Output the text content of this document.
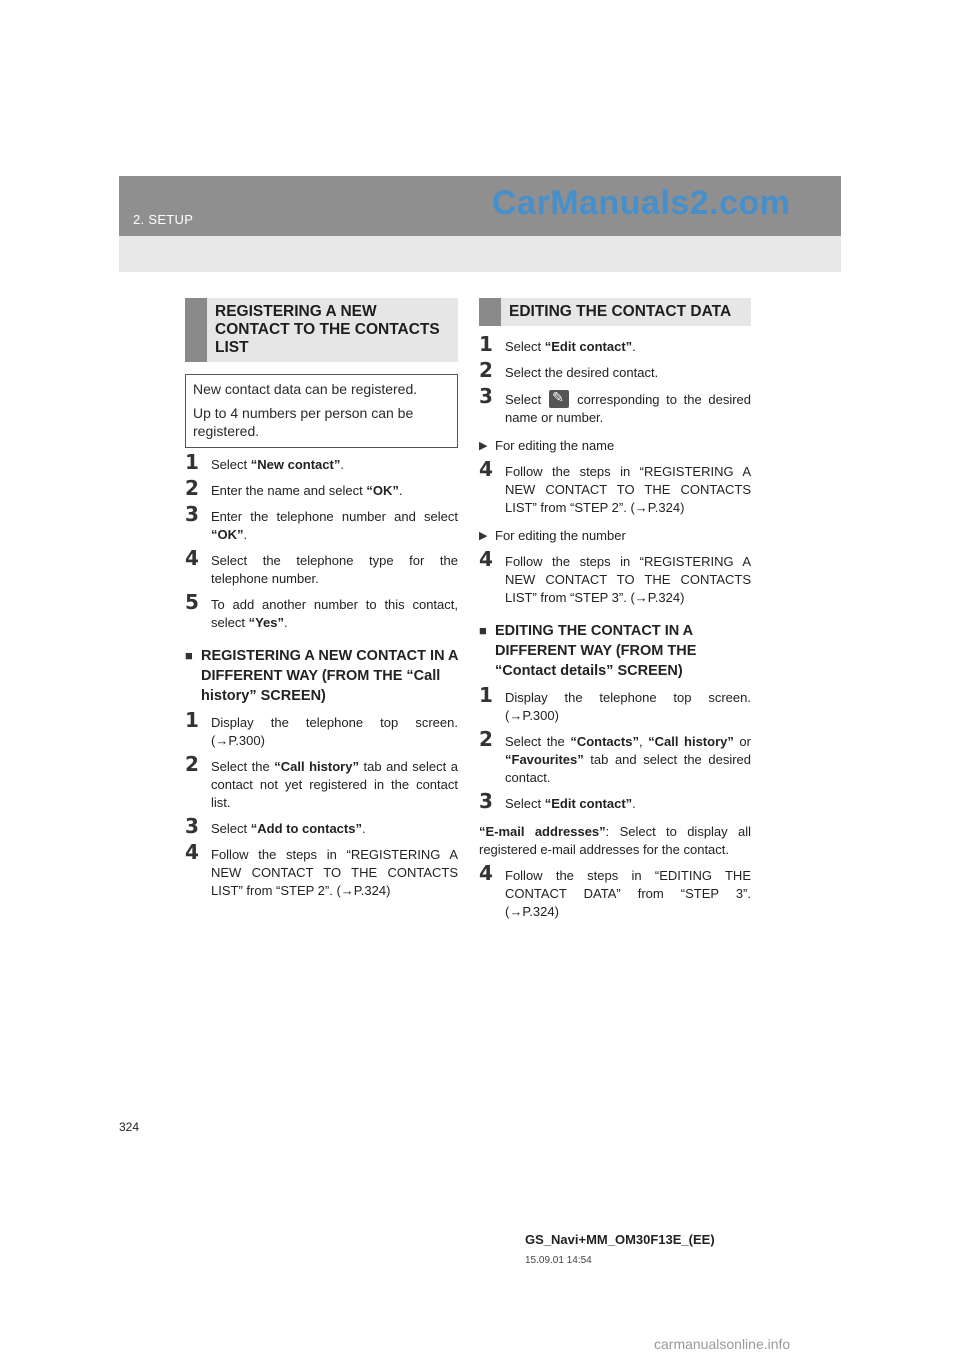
2. SETUP	CarManuals2.com
REGISTERING A NEW CONTACT TO THE CONTACTS LIST

New contact data can be registered.

Up to 4 numbers per person can be registered.

1 Select “New contact”.
2 Enter the name and select “OK”.
3 Enter the telephone number and select “OK”.
4 Select the telephone type for the telephone number.
5 To add another number to this contact, select “Yes”.
■ REGISTERING A NEW CONTACT IN A DIFFERENT WAY (FROM THE “Call history” SCREEN)
1 Display the telephone top screen. (→P.300)
2 Select the “Call history” tab and select a contact not yet registered in the contact list.
3 Select “Add to contacts”.
4 Follow the steps in “REGISTERING A NEW CONTACT TO THE CONTACTS LIST” from “STEP 2”. (→P.324)
EDITING THE CONTACT DATA
1 Select “Edit contact”.
2 Select the desired contact.
3 Select✎	corresponding to the desired name or number.
▶ For editing the name
4 Follow the steps in “REGISTERING A NEW CONTACT TO THE CONTACTS LIST” from “STEP 2”. (→P.324)
▶ For editing the number
4 Follow the steps in “REGISTERING A NEW CONTACT TO THE CONTACTS LIST” from “STEP 3”. (→P.324)
■ EDITING THE CONTACT IN A DIFFERENT WAY (FROM THE “Contact details” SCREEN)
1 Display the telephone top screen. (→P.300)
2 Select the “Contacts”, “Call history” or “Favourites” tab and select the desired contact.
3 Select “Edit contact”.
“E-mail addresses”: Select to display all registered e-mail addresses for the contact.
4 Follow the steps in “EDITING THE CONTACT DATA” from “STEP 3”. (→P.324)
324
GS_Navi+MM_OM30F13E_(EE)
15.09.01 14:54
carmanualsonline.info
